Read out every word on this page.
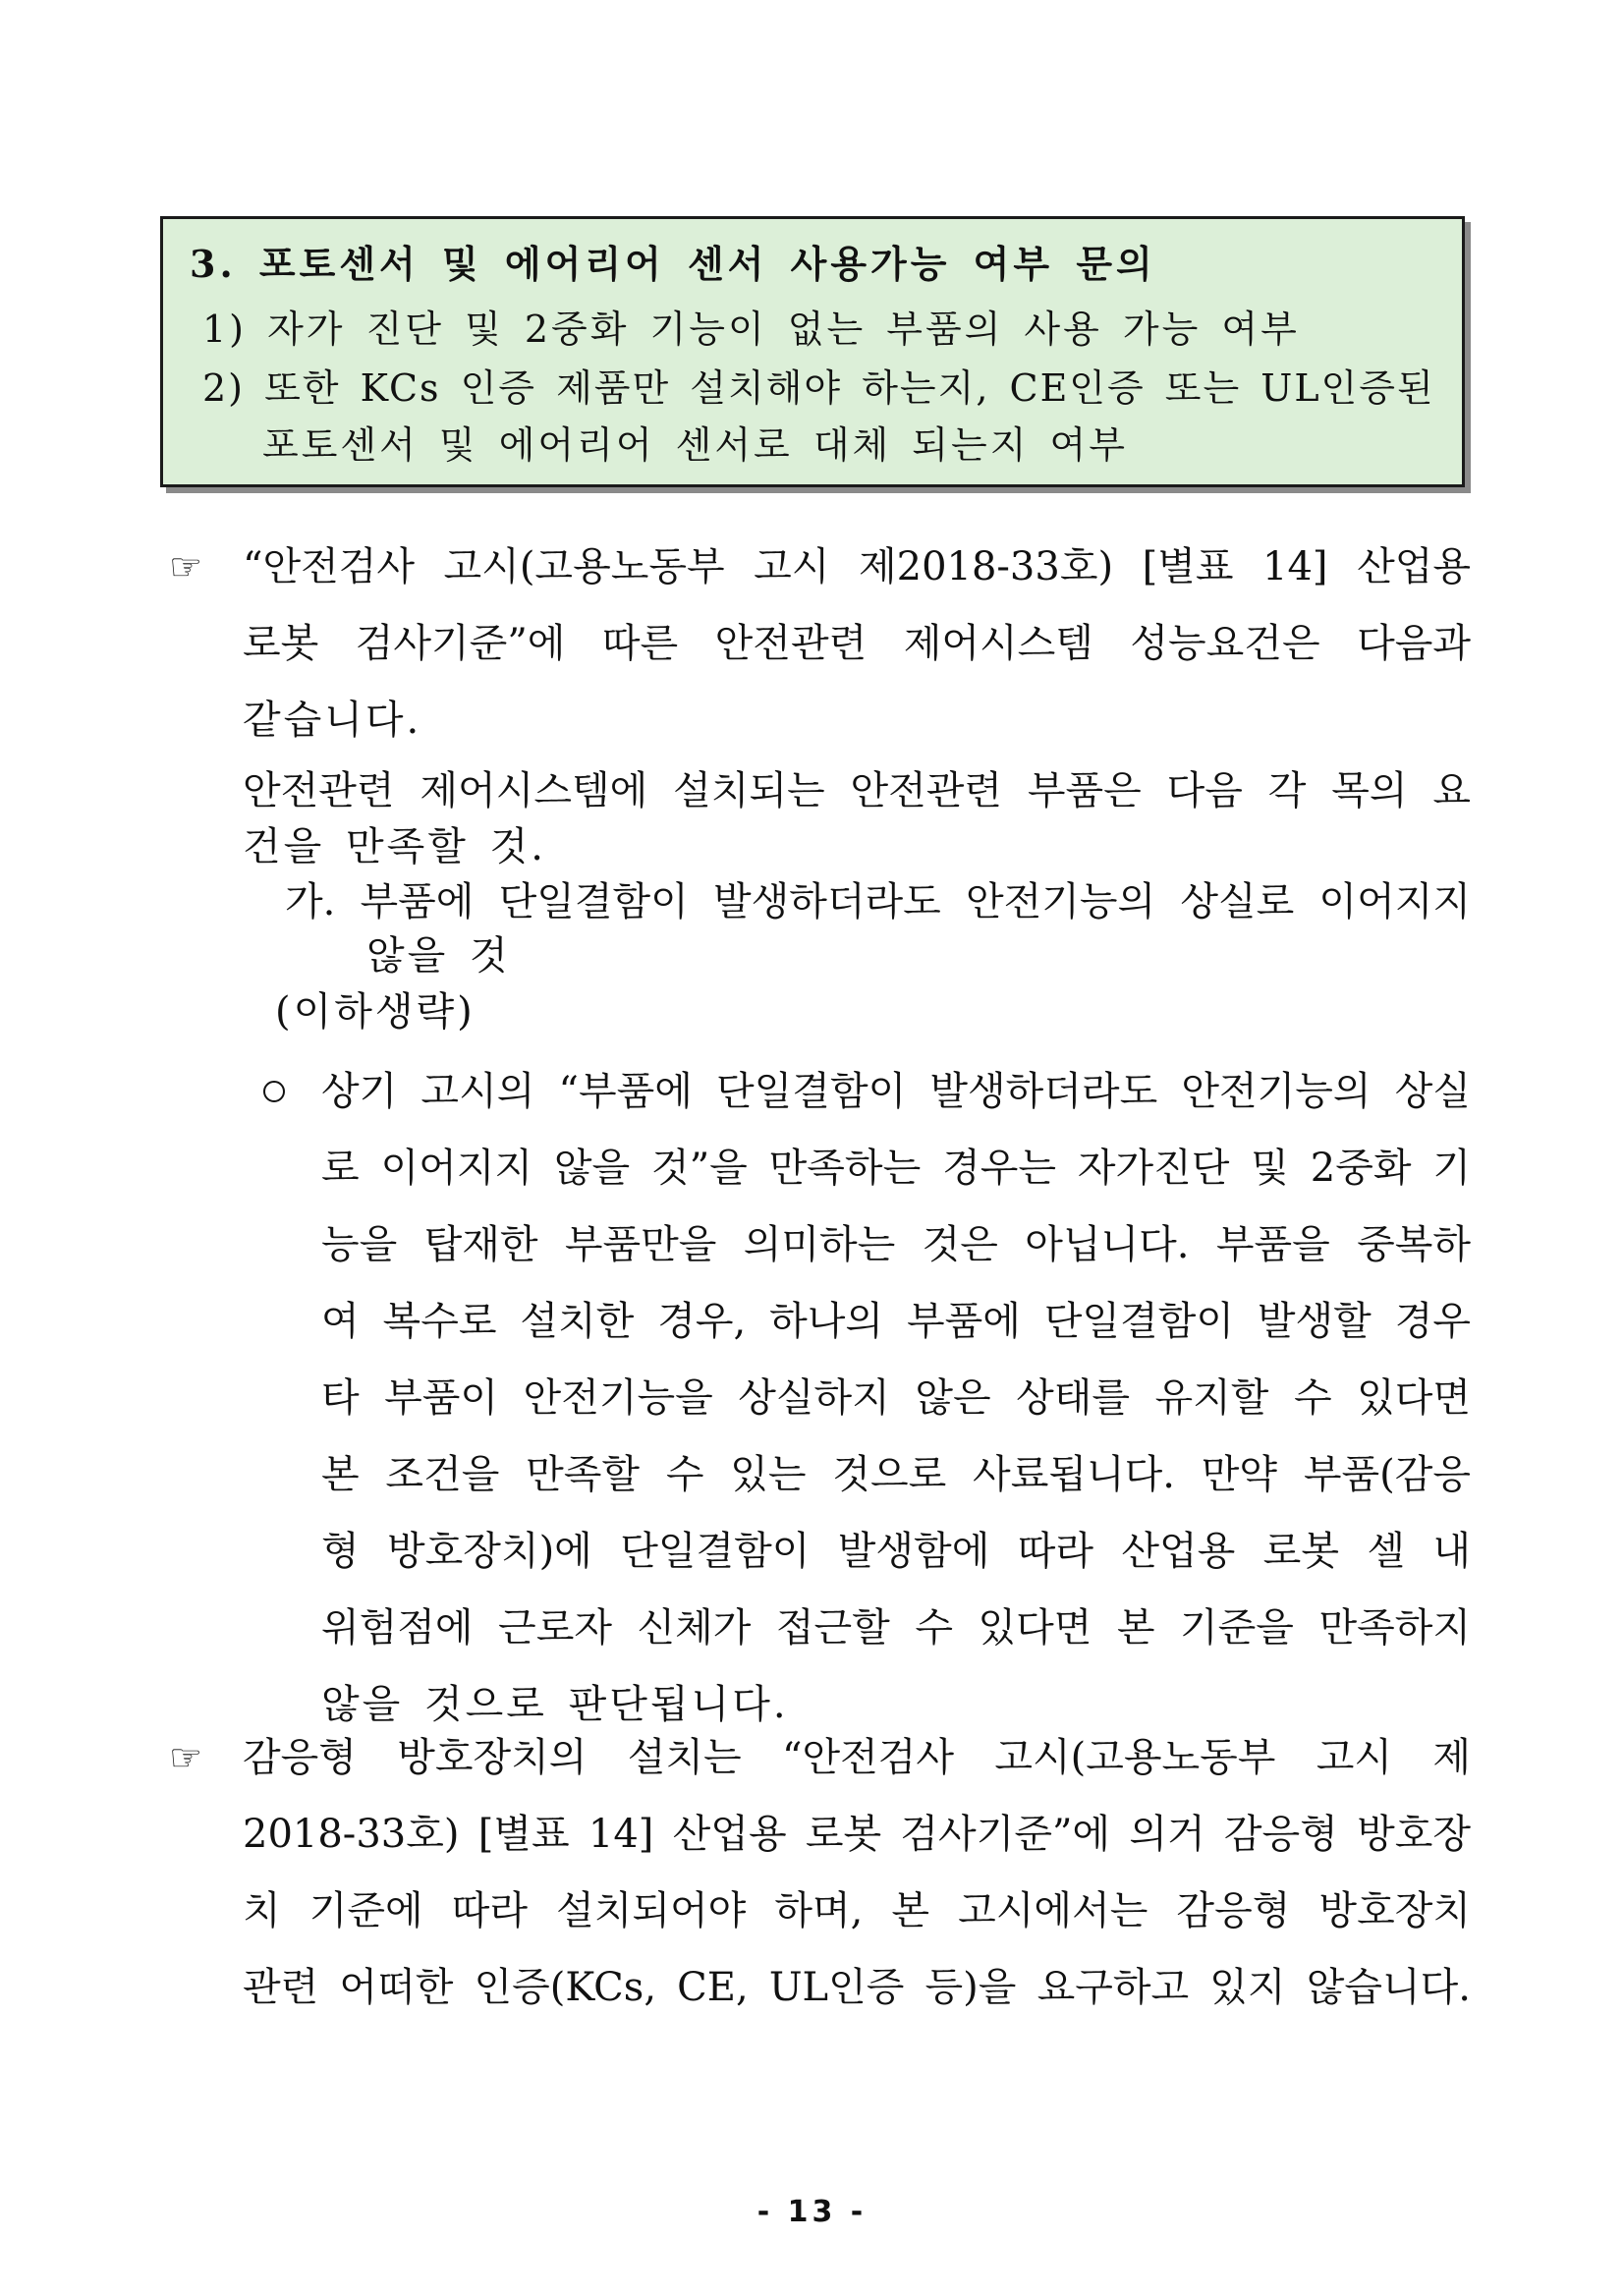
3. 포토센서 및 에어리어 센서 사용가능 여부 문의
1) 자가 진단 및 2중화 기능이 없는 부품의 사용 가능 여부
2) 또한 KCs 인증 제품만 설치해야 하는지, CE인증 또는 UL인증된
포토센서 및 에어리어 센서로 대체 되는지 여부
☞ “안전검사 고시(고용노동부 고시 제2018-33호) [별표 14] 산업용
로봇 검사기준”에 따른 안전관련 제어시스템 성능요건은 다음과
같습니다.
안전관련 제어시스템에 설치되는 안전관련 부품은 다음 각 목의 요
건을 만족할 것.
가. 부품에 단일결함이 발생하더라도 안전기능의 상실로 이어지지
않을 것
(이하생략)
상기 고시의 “부품에 단일결함이 발생하더라도 안전기능의 상실
로 이어지지 않을 것”을 만족하는 경우는 자가진단 및 2중화 기
능을 탑재한 부품만을 의미하는 것은 아닙니다. 부품을 중복하
여 복수로 설치한 경우, 하나의 부품에 단일결함이 발생할 경우
타 부품이 안전기능을 상실하지 않은 상태를 유지할 수 있다면
본 조건을 만족할 수 있는 것으로 사료됩니다. 만약 부품(감응
형 방호장치)에 단일결함이 발생함에 따라 산업용 로봇 셀 내
위험점에 근로자 신체가 접근할 수 있다면 본 기준을 만족하지
않을 것으로 판단됩니다.
☞ 감응형 방호장치의 설치는 “안전검사 고시(고용노동부 고시 제
2018-33호) [별표 14] 산업용 로봇 검사기준”에 의거 감응형 방호장
치 기준에 따라 설치되어야 하며, 본 고시에서는 감응형 방호장치
관련 어떠한 인증(KCs, CE, UL인증 등)을 요구하고 있지 않습니다.
- 13 -
